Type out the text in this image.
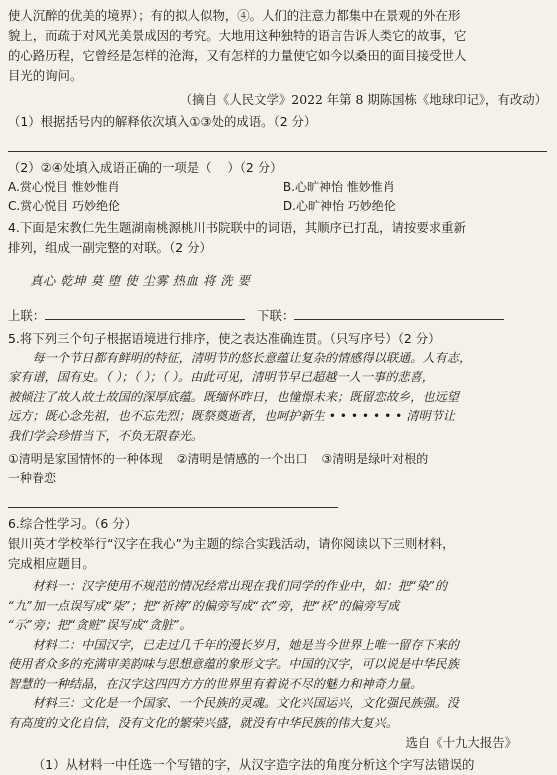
使人沉醉的优美的境界）；有的拟人似物，④。人们的注意力都集中在景观的外在形

貌上，而疏于对风光美景成因的考究。大地用这种独特的语言告诉人类它的故事，它

的心路历程，它曾经是怎样的沧海，又有怎样的力量使它如今以桑田的面目接受世人

目光的询问。

（摘自《人民文学》2022 年第 8 期陈国栋《地球印记》，有改动）

（1）根据括号内的解释依次填入①③处的成语。（2 分）

（2）②④处填入成语正确的一项是（    ）（2 分）

A.赏心悦目 惟妙惟肖	B.心旷神怡 惟妙惟肖
C.赏心悦目 巧妙绝伦	D.心旷神怡 巧妙绝伦

4.下面是宋教仁先生题湖南桃源桃川书院联中的词语，其顺序已打乱，请按要求重新

排列，组成一副完整的对联。（2 分）

真心 乾坤 莫 堕 使 尘雾 热血 将 洗 要

上联：	下联：

5.将下列三个句子根据语境进行排序，使之表达准确连贯。（只写序号）（2 分）

每一个节日都有鲜明的特征，清明节的悠长意蕴让复杂的情感得以联通。人有志，

家有谱，国有史。（ ）；（ ）；（ ）。由此可见，清明节早已超越一人一事的悲喜，

被倾注了故人故土故国的深厚底蕴。既缅怀昨日，也憧憬未来；既留恋故乡，也远望

远方；既心念先祖，也不忘先烈；既祭奠逝者，也呵护新生 • • • • • • • 清明节让

我们学会珍惜当下，不负无限春光。

①清明是家国情怀的一种体现 ②清明是情感的一个出口 ③清明是绿叶对根的

一种眷恋

6.综合性学习。（6 分）

银川英才学校举行“汉字在我心”为主题的综合实践活动，请你阅读以下三则材料，

完成相应题目。

材料一：汉字使用不规范的情况经常出现在我们同学的作业中，如：把“染”的

“九”加一点误写成“柒”；把“祈祷”的偏旁写成“衣”旁，把“袄”的偏旁写成

“示”旁；把“贪赃”误写成“贪脏”。

材料二：中国汉字，已走过几千年的漫长岁月，她是当今世界上唯一留存下来的

使用者众多的充满审美韵味与思想意蕴的象形文字。中国的汉字，可以说是中华民族

智慧的一种结晶，在汉字这四四方方的世界里有着说不尽的魅力和神奇力量。

材料三：文化是一个国家、一个民族的灵魂。文化兴国运兴，文化强民族强。没

有高度的文化自信，没有文化的繁荣兴盛，就没有中华民族的伟大复兴。

选自《十九大报告》

（1）从材料一中任选一个写错的字，从汉字造字法的角度分析这个字写法错误的
